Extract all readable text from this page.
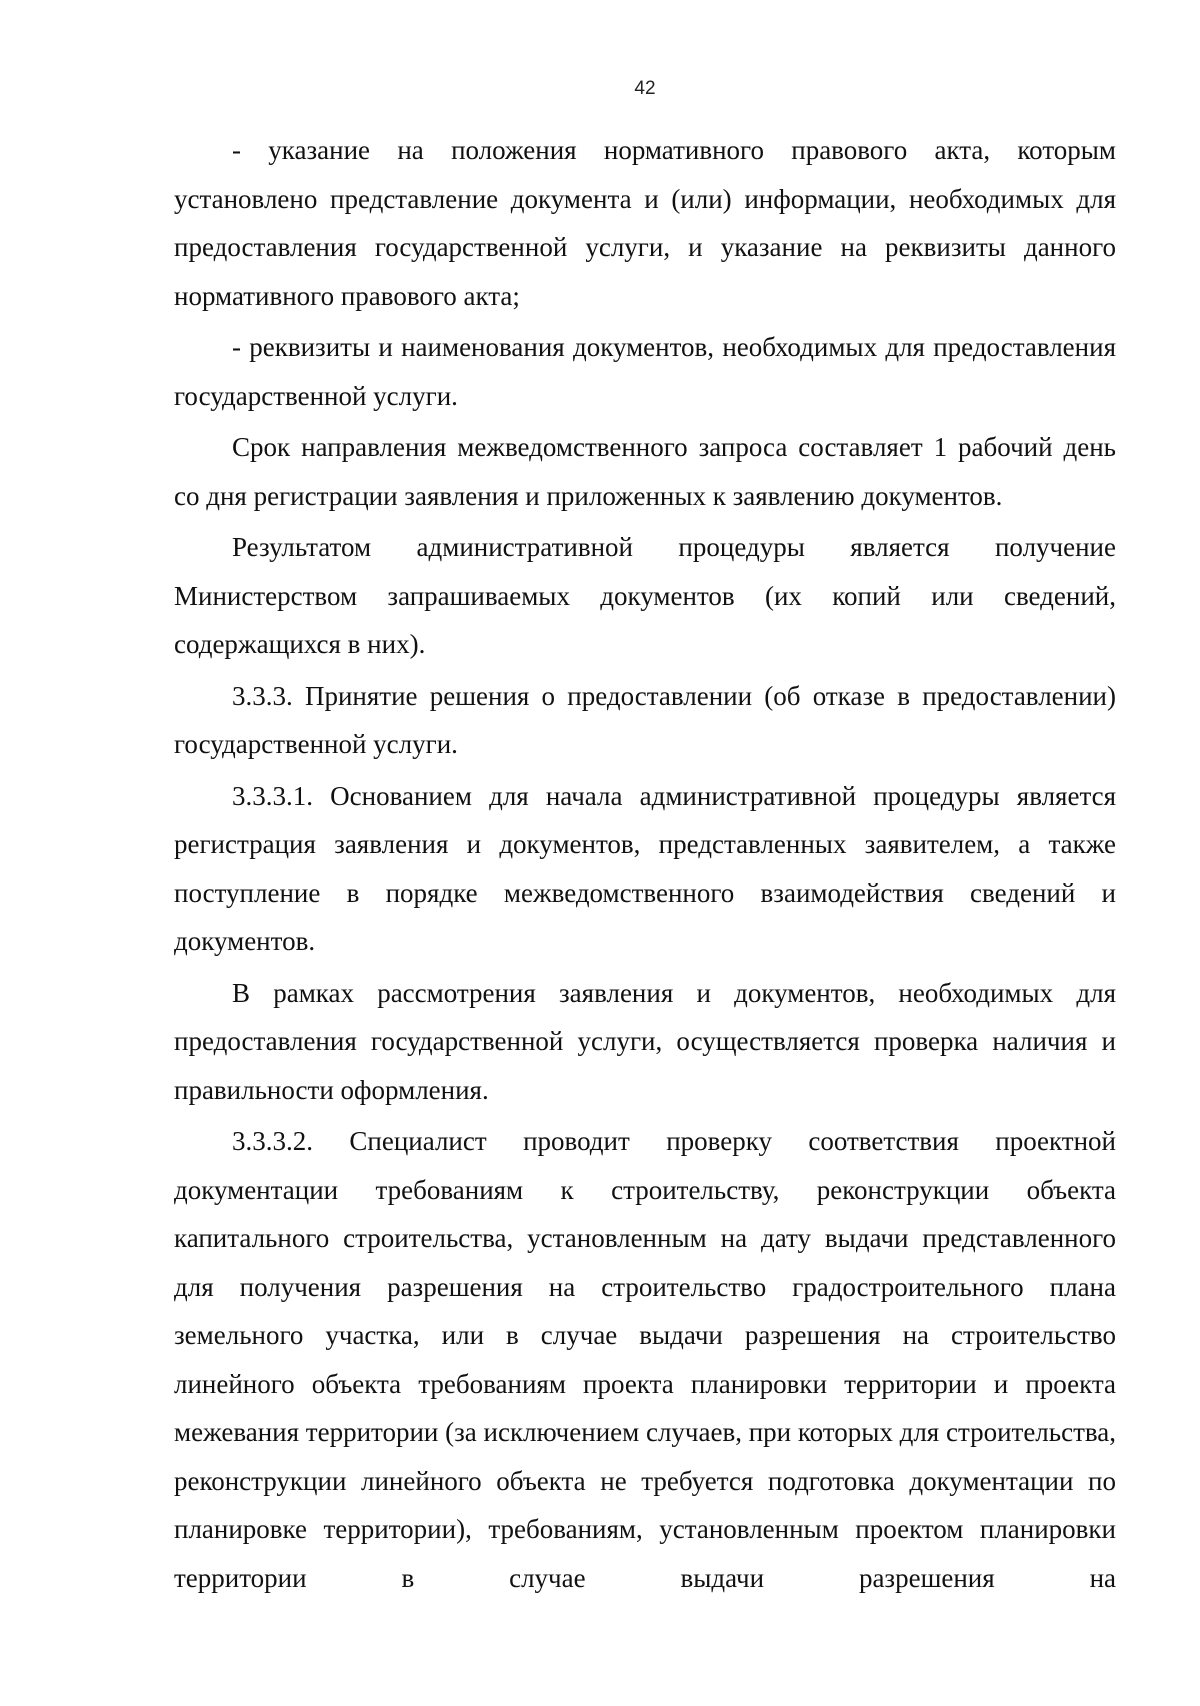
42

- указание на положения нормативного правового акта, которым установлено представление документа и (или) информации, необходимых для предоставления государственной услуги, и указание на реквизиты данного нормативного правового акта;

- реквизиты и наименования документов, необходимых для предоставления государственной услуги.

Срок направления межведомственного запроса составляет 1 рабочий день со дня регистрации заявления и приложенных к заявлению документов.

Результатом административной процедуры является получение Министерством запрашиваемых документов (их копий или сведений, содержащихся в них).

3.3.3. Принятие решения о предоставлении (об отказе в предоставлении) государственной услуги.

3.3.3.1. Основанием для начала административной процедуры является регистрация заявления и документов, представленных заявителем, а также поступление в порядке межведомственного взаимодействия сведений и документов.

В рамках рассмотрения заявления и документов, необходимых для предоставления государственной услуги, осуществляется проверка наличия и правильности оформления.

3.3.3.2. Специалист проводит проверку соответствия проектной документации требованиям к строительству, реконструкции объекта капитального строительства, установленным на дату выдачи представленного для получения разрешения на строительство градостроительного плана земельного участка, или в случае выдачи разрешения на строительство линейного объекта требованиям проекта планировки территории и проекта межевания территории (за исключением случаев, при которых для строительства, реконструкции линейного объекта не требуется подготовка документации по планировке территории), требованиям, установленным проектом планировки территории в случае выдачи разрешения на
